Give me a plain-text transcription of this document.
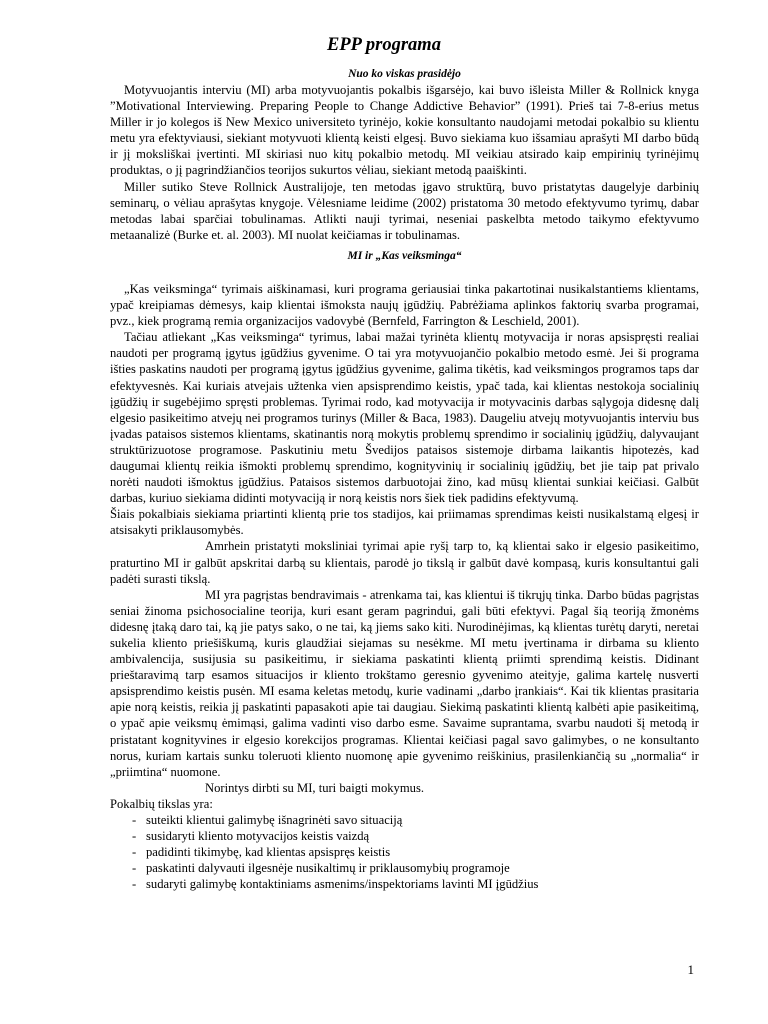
EPP programa

Nuo ko viskas prasidėjo

Motyvuojantis interviu (MI) arba motyvuojantis pokalbis išgarsėjo, kai buvo išleista Miller & Rollnick knyga ”Motivational Interviewing. Preparing People to Change Addictive Behavior” (1991). Prieš tai 7-8-erius metus Miller ir jo kolegos iš New Mexico universiteto tyrinėjo, kokie konsultanto naudojami metodai pokalbio su klientu metu yra efektyviausi, siekiant motyvuoti klientą keisti elgesį. Buvo siekiama kuo išsamiau aprašyti MI darbo būdą ir jį moksliškai įvertinti. MI skiriasi nuo kitų pokalbio metodų. MI veikiau atsirado kaip empirinių tyrinėjimų produktas, o jį pagrindžiančios teorijos sukurtos vėliau, siekiant metodą paaiškinti.

Miller sutiko Steve Rollnick Australijoje, ten metodas įgavo struktūrą, buvo pristatytas daugelyje darbinių seminarų, o vėliau aprašytas knygoje. Vėlesniame leidime (2002) pristatoma 30 metodo efektyvumo tyrimų, dabar metodas labai sparčiai tobulinamas. Atlikti nauji tyrimai, neseniai paskelbta metodo taikymo efektyvumo metaanalizė (Burke et. al. 2003). MI nuolat keičiamas ir tobulinamas.

MI ir „Kas veiksminga“

„Kas veiksminga“ tyrimais aiškinamasi, kuri programa geriausiai tinka pakartotinai nusikalstantiems klientams, ypač kreipiamas dėmesys, kaip klientai išmoksta naujų įgūdžių. Pabrėžiama aplinkos faktorių svarba programai, pvz., kiek programą remia organizacijos vadovybė (Bernfeld, Farrington & Leschield, 2001).

Tačiau atliekant „Kas veiksminga“ tyrimus, labai mažai tyrinėta klientų motyvacija ir noras apsispręsti realiai naudoti per programą įgytus įgūdžius gyvenime. O tai yra motyvuojančio pokalbio metodo esmė. Jei ši programa išties paskatins naudoti per programą įgytus įgūdžius gyvenime, galima tikėtis, kad veiksmingos programos taps dar efektyvesnės. Kai kuriais atvejais užtenka vien apsisprendimo keistis, ypač tada, kai klientas nestokoja socialinių įgūdžių ir sugebėjimo spręsti problemas. Tyrimai rodo, kad motyvacija ir motyvacinis darbas sąlygoja didesnę dalį elgesio pasikeitimo atvejų nei programos turinys (Miller & Baca, 1983). Daugeliu atvejų motyvuojantis interviu bus įvadas pataisos sistemos klientams, skatinantis norą mokytis problemų sprendimo ir socialinių įgūdžių, dalyvaujant struktūrizuotose programose. Paskutiniu metu Švedijos pataisos sistemoje dirbama laikantis hipotezės, kad daugumai klientų reikia išmokti problemų sprendimo, kognityvinių ir socialinių įgūdžių, bet jie taip pat privalo norėti naudoti išmoktus įgūdžius. Pataisos sistemos darbuotojai žino, kad mūsų klientai sunkiai keičiasi. Galbūt darbas, kuriuo siekiama didinti motyvaciją ir norą keistis nors šiek tiek padidins efektyvumą.

Šiais pokalbiais siekiama priartinti klientą prie tos stadijos, kai priimamas sprendimas keisti nusikalstamą elgesį ir atsisakyti priklausomybės.

Amrhein pristatyti moksliniai tyrimai apie ryšį tarp to, ką klientai sako ir elgesio pasikeitimo, praturtino MI ir galbūt apskritai darbą su klientais, parodė jo tikslą ir galbūt davė kompasą, kuris konsultantui gali padėti surasti tikslą.

MI yra pagrįstas bendravimais - atrenkama tai, kas klientui iš tikrųjų tinka. Darbo būdas pagrįstas seniai žinoma psichosocialine teorija, kuri esant geram pagrindui, gali būti efektyvi. Pagal šią teoriją žmonėms didesnę įtaką daro tai, ką jie patys sako, o ne tai, ką jiems sako kiti. Nurodinėjimas, ką klientas turėtų daryti, neretai sukelia kliento priešiškumą, kuris glaudžiai siejamas su nesėkme. MI metu įvertinama ir dirbama su kliento ambivalencija, susijusia su pasikeitimu, ir siekiama paskatinti klientą priimti sprendimą keistis. Didinant prieštaravimą tarp esamos situacijos ir kliento trokštamo geresnio gyvenimo ateityje, galima kartelę nusverti apsisprendimo keistis pusėn. MI esama keletas metodų, kurie vadinami „darbo įrankiais“. Kai tik klientas prasitaria apie norą keistis, reikia jį paskatinti papasakoti apie tai daugiau. Siekimą paskatinti klientą kalbėti apie pasikeitimą, o ypač apie veiksmų ėmimąsi, galima vadinti viso darbo esme. Savaime suprantama, svarbu naudoti šį metodą ir pristatant kognityvines ir elgesio korekcijos programas. Klientai keičiasi pagal savo galimybes, o ne konsultanto norus, kuriam kartais sunku toleruoti kliento nuomonę apie gyvenimo reiškinius, prasilenkiančią su „normalia“ ir „priimtina“ nuomone.

Norintys dirbti su MI, turi baigti mokymus.

Pokalbių tikslas yra:

- suteikti klientui galimybę išnagrinėti savo situaciją
- susidaryti kliento motyvacijos keistis vaizdą
- padidinti tikimybę, kad klientas apsispręs keistis
- paskatinti dalyvauti ilgesnėje nusikaltimų ir priklausomybių programoje
- sudaryti galimybę kontaktiniams asmenims/inspektoriams lavinti MI įgūdžius
1
